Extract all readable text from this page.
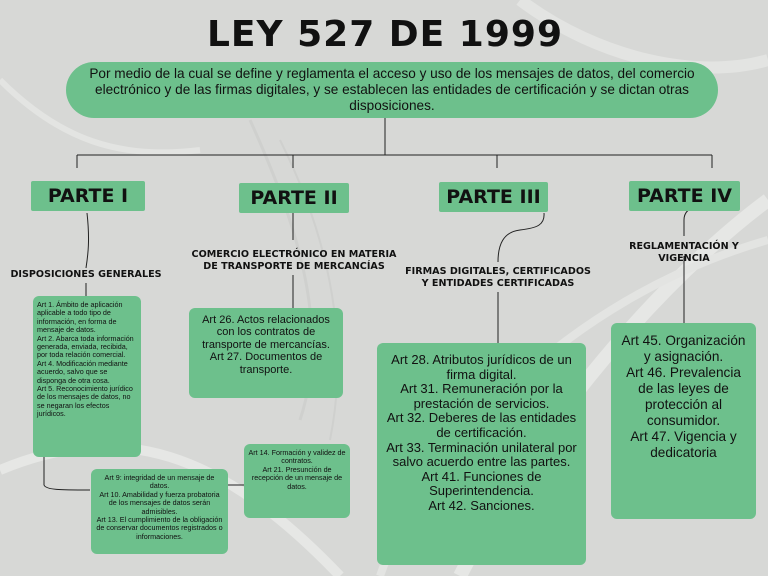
LEY 527 DE 1999
Por medio de la cual se define y reglamenta el acceso y uso de los mensajes de datos, del comercio electrónico y de las firmas digitales, y se establecen las entidades de certificación y se dictan otras disposiciones.
PARTE I
DISPOSICIONES GENERALES
Art 1. Ámbito de aplicación aplicable a todo tipo de información, en forma de mensaje de datos.
Art 2. Abarca toda información generada, enviada, recibida, por toda relación comercial.
Art 4. Modificación mediante acuerdo, salvo que se disponga de otra cosa.
Art 5. Reconocimiento jurídico de los mensajes de datos, no se negaran los efectos jurídicos.
Art 9: integridad de un mensaje de datos.
Art 10. Amabilidad y fuerza probatoria de los mensajes de datos serán admisibles.
Art 13. El cumplimiento de la obligación de conservar documentos registrados o informaciones.
Art 14. Formación y validez de contratos.
Art 21. Presunción de recepción de un mensaje de datos.
PARTE II
COMERCIO ELECTRÓNICO EN MATERIA DE TRANSPORTE DE MERCANCÍAS
Art 26. Actos relacionados con los contratos de transporte de mercancías.
Art 27. Documentos de transporte.
PARTE III
FIRMAS DIGITALES, CERTIFICADOS Y ENTIDADES CERTIFICADAS
Art 28. Atributos jurídicos de un firma digital.
Art 31. Remuneración por la prestación de servicios.
Art 32. Deberes de las entidades de certificación.
Art 33. Terminación unilateral por salvo acuerdo entre las partes.
Art 41. Funciones de Superintendencia.
Art 42. Sanciones.
PARTE IV
REGLAMENTACIÓN Y VIGENCIA
Art 45. Organización y asignación.
Art 46. Prevalencia de las leyes de protección al consumidor.
Art 47. Vigencia y dedicatoria
